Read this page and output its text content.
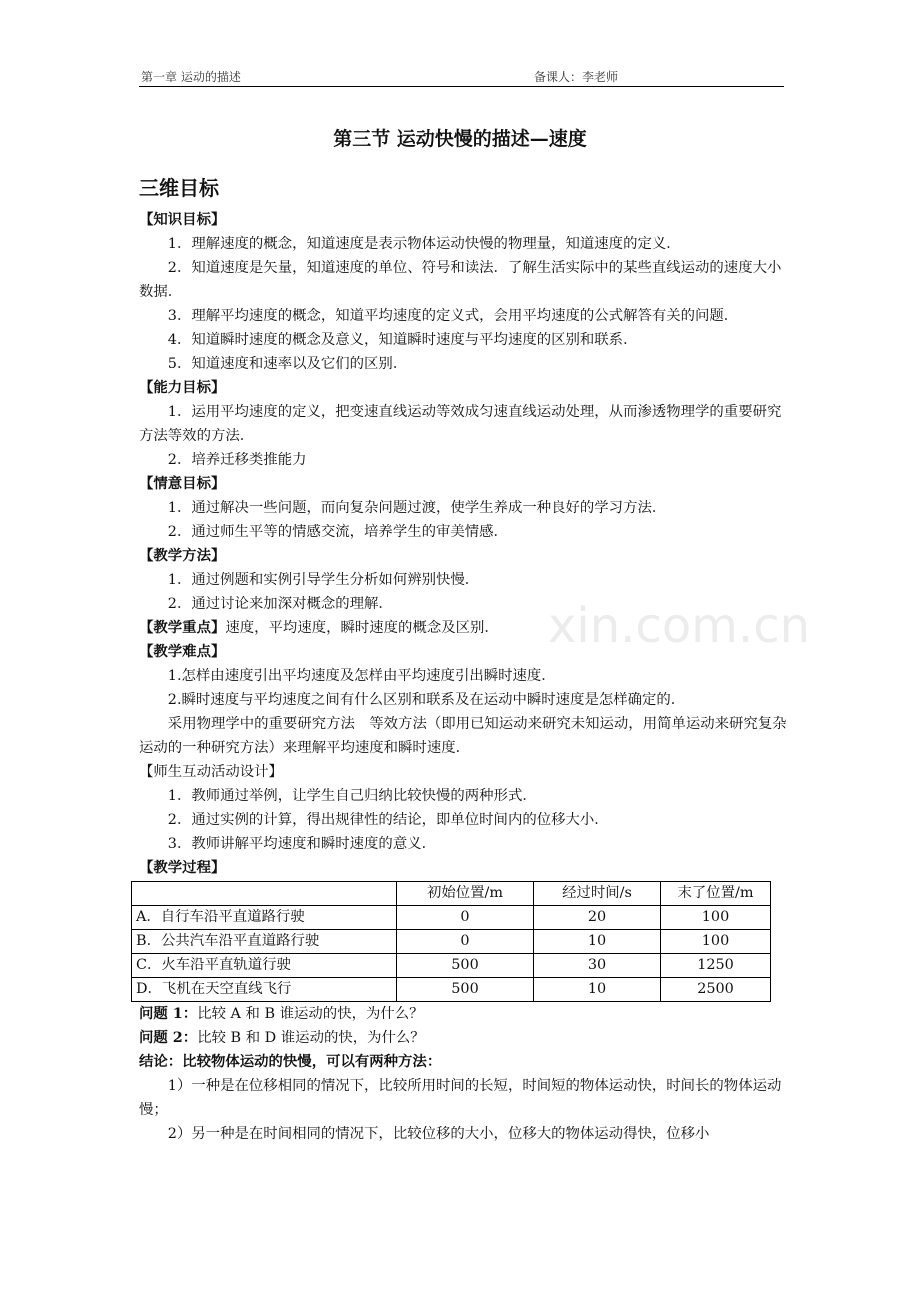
第一章 运动的描述	备课人：李老师
第三节 运动快慢的描述—速度
三维目标

【知识目标】

1．理解速度的概念，知道速度是表示物体运动快慢的物理量，知道速度的定义．

2．知道速度是矢量，知道速度的单位、符号和读法．了解生活实际中的某些直线运动的速度大小数据．

3．理解平均速度的概念，知道平均速度的定义式，会用平均速度的公式解答有关的问题．

4．知道瞬时速度的概念及意义，知道瞬时速度与平均速度的区别和联系．

5．知道速度和速率以及它们的区别．

【能力目标】

1．运用平均速度的定义，把变速直线运动等效成匀速直线运动处理，从而渗透物理学的重要研究方法等效的方法．

2．培养迁移类推能力

【情意目标】

1．通过解决一些问题，而向复杂问题过渡，使学生养成一种良好的学习方法．

2．通过师生平等的情感交流，培养学生的审美情感．

【教学方法】

1．通过例题和实例引导学生分析如何辨别快慢．

2．通过讨论来加深对概念的理解．

【教学重点】速度，平均速度，瞬时速度的概念及区别．

【教学难点】

1.怎样由速度引出平均速度及怎样由平均速度引出瞬时速度．

2.瞬时速度与平均速度之间有什么区别和联系及在运动中瞬时速度是怎样确定的．

采用物理学中的重要研究方法　等效方法（即用已知运动来研究未知运动，用简单运动来研究复杂运动的一种研究方法）来理解平均速度和瞬时速度．

【师生互动活动设计】

1．教师通过举例，让学生自己归纳比较快慢的两种形式．

2．通过实例的计算，得出规律性的结论，即单位时间内的位移大小．

3．教师讲解平均速度和瞬时速度的意义．

【教学过程】

	初始位置/m	经过时间/s	末了位置/m
A．自行车沿平直道路行驶	0	20	100
B．公共汽车沿平直道路行驶	0	10	100
C．火车沿平直轨道行驶	500	30	1250
D．飞机在天空直线飞行	500	10	2500

问题 1：比较 A 和 B 谁运动的快，为什么？

问题 2：比较 B 和 D 谁运动的快，为什么？

结论：比较物体运动的快慢，可以有两种方法：

1）一种是在位移相同的情况下，比较所用时间的长短，时间短的物体运动快，时间长的物体运动慢；

2）另一种是在时间相同的情况下，比较位移的大小，位移大的物体运动得快，位移小

xin.com.cn
